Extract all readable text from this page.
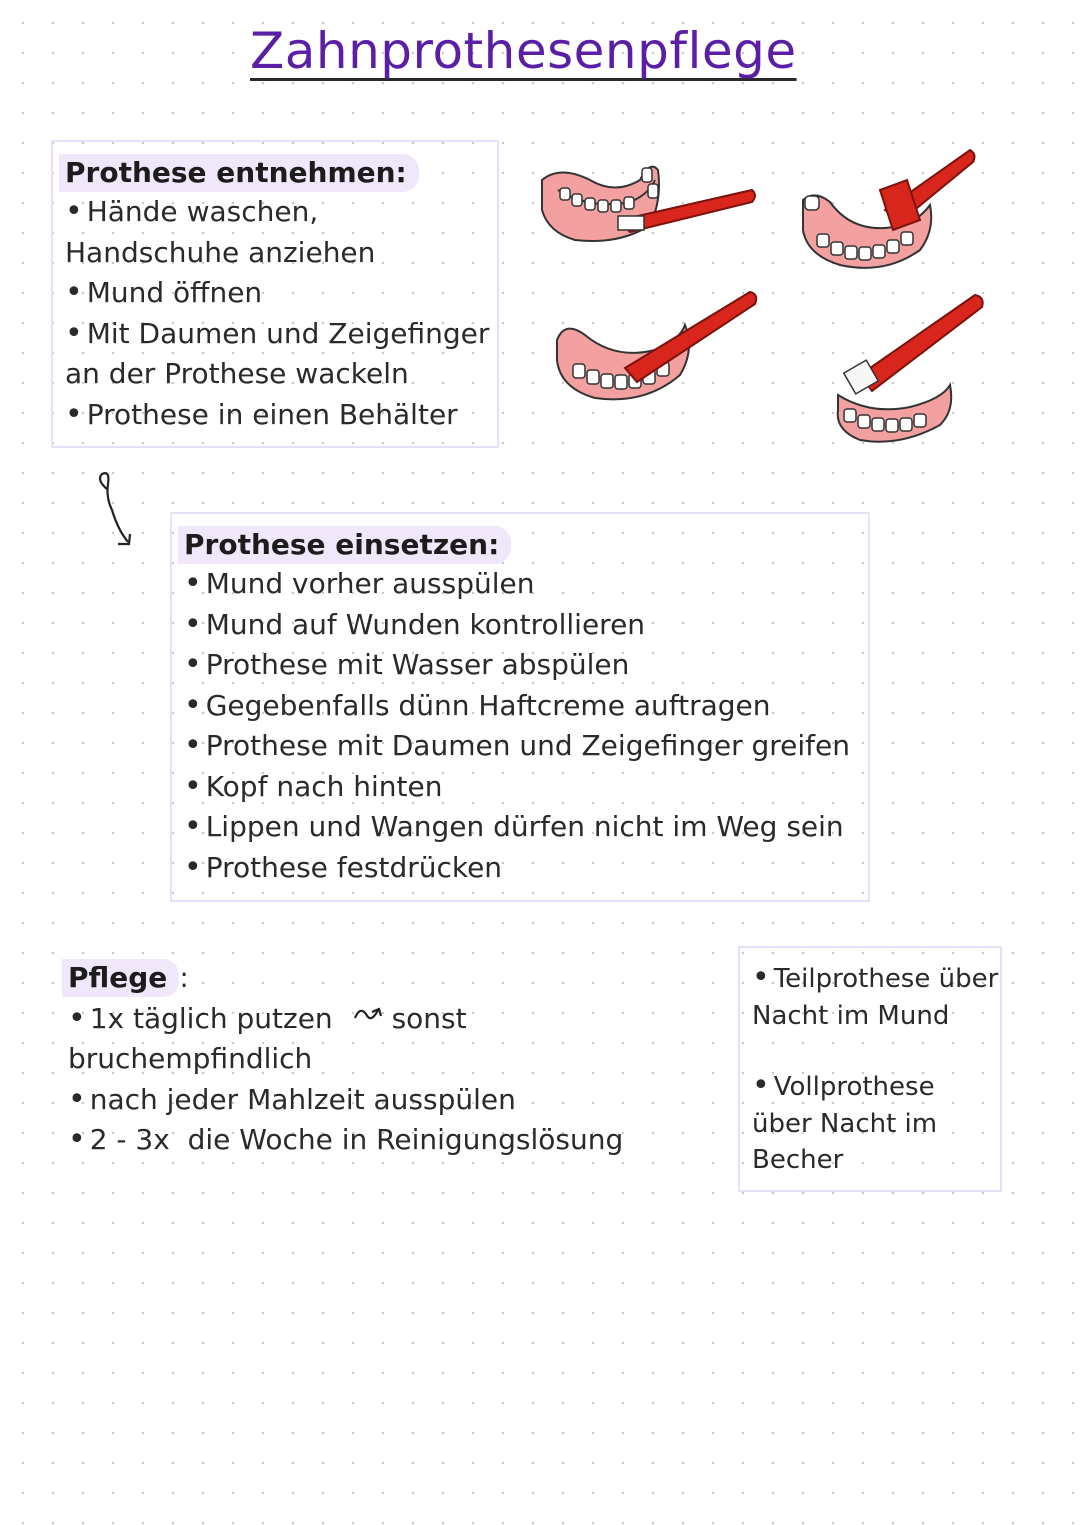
Zahnprothesenpflege
Prothese entnehmen:
• Hände waschen,
Handschuhe anziehen
• Mund öffnen
• Mit Daumen und Zeigefinger
an der Prothese wackeln
• Prothese in einen Behälter
Prothese einsetzen:
• Mund vorher ausspülen
• Mund auf Wunden kontrollieren
• Prothese mit Wasser abspülen
• Gegebenfalls dünn Haftcreme auftragen
• Prothese mit Daumen und Zeigefinger greifen
• Kopf nach hinten
• Lippen und Wangen dürfen nicht im Weg sein
• Prothese festdrücken
Pflege :
• 1x täglich putzen sonst
bruchempfindlich
• nach jeder Mahlzeit ausspülen
• 2 - 3x  die Woche in Reinigungslösung
• Teilprothese über
Nacht im Mund
• Vollprothese
über Nacht im
Becher
